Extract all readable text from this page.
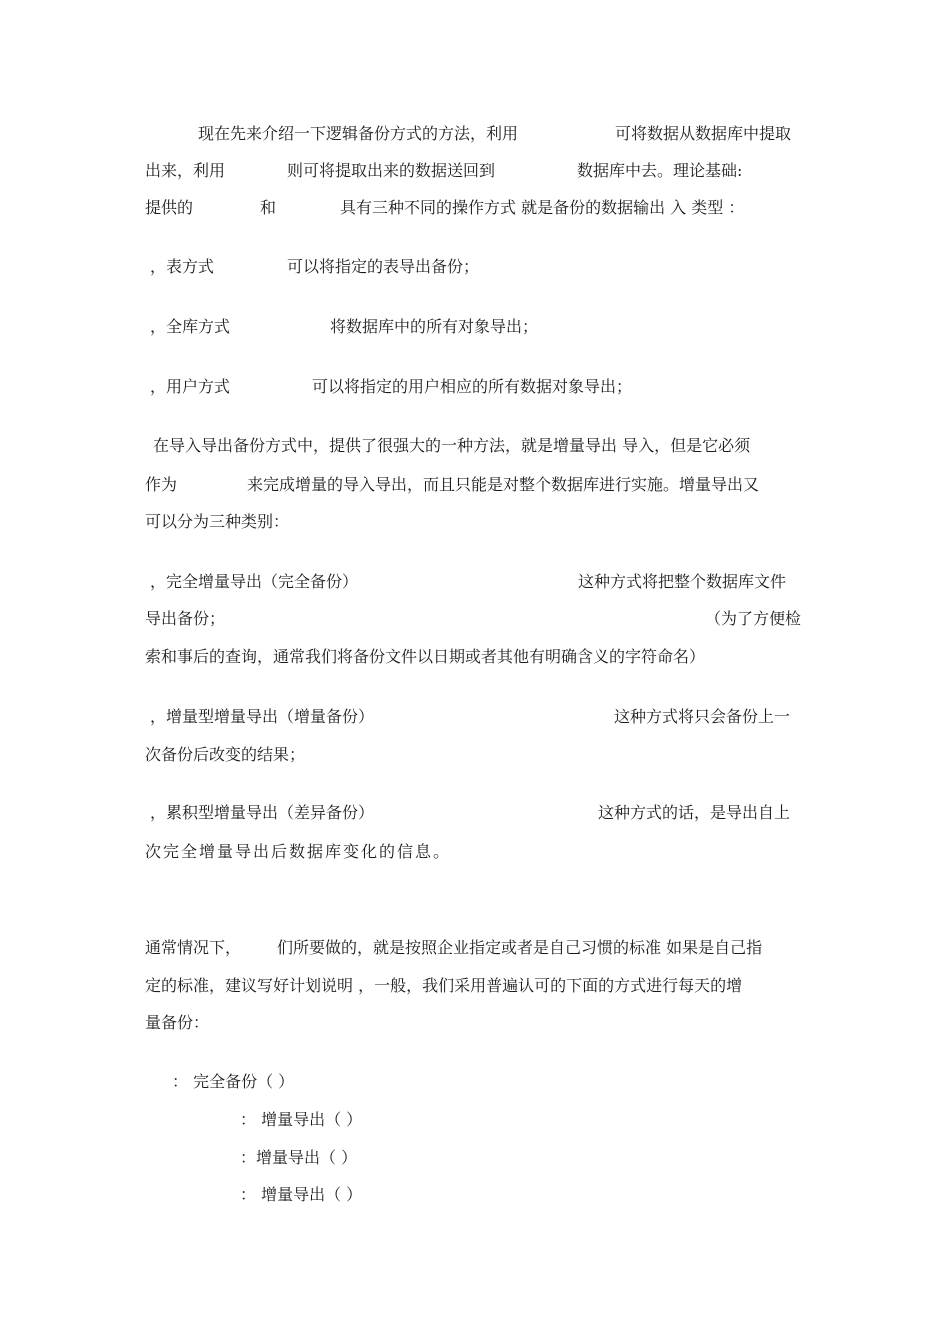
现在先来介绍一下逻辑备份方式的方法，利用	可将数据从数据库中提取
出来，利用	则可将提取出来的数据送回到	数据库中去。理论基础:
提供的	和	具有三种不同的操作方式 就是备份的数据输出 入 类型 ：
，表方式	可以将指定的表导出备份；
，全库方式	将数据库中的所有对象导出；
，用户方式	可以将指定的用户相应的所有数据对象导出；
在导入导出备份方式中，提供了很强大的一种方法，就是增量导出 导入，但是它必须
作为	来完成增量的导入导出，而且只能是对整个数据库进行实施。增量导出又
可以分为三种类别：
，完全增量导出（完全备份）	这种方式将把整个数据库文件
导出备份；	（为了方便检
索和事后的查询，通常我们将备份文件以日期或者其他有明确含义的字符命名）
，增量型增量导出（增量备份）	这种方式将只会备份上一
次备份后改变的结果；
，累积型增量导出（差异备份）	这种方式的话，是导出自上
次完全增量导出后数据库变化的信息。
通常情况下， 们所要做的，就是按照企业指定或者是自己习惯的标准 如果是自己指
定的标准，建议写好计划说明 ，一般，我们采用普遍认可的下面的方式进行每天的增
量备份：
： 完全备份（ ）
： 增量导出（ ）
：增量导出（ ）
： 增量导出（ ）
